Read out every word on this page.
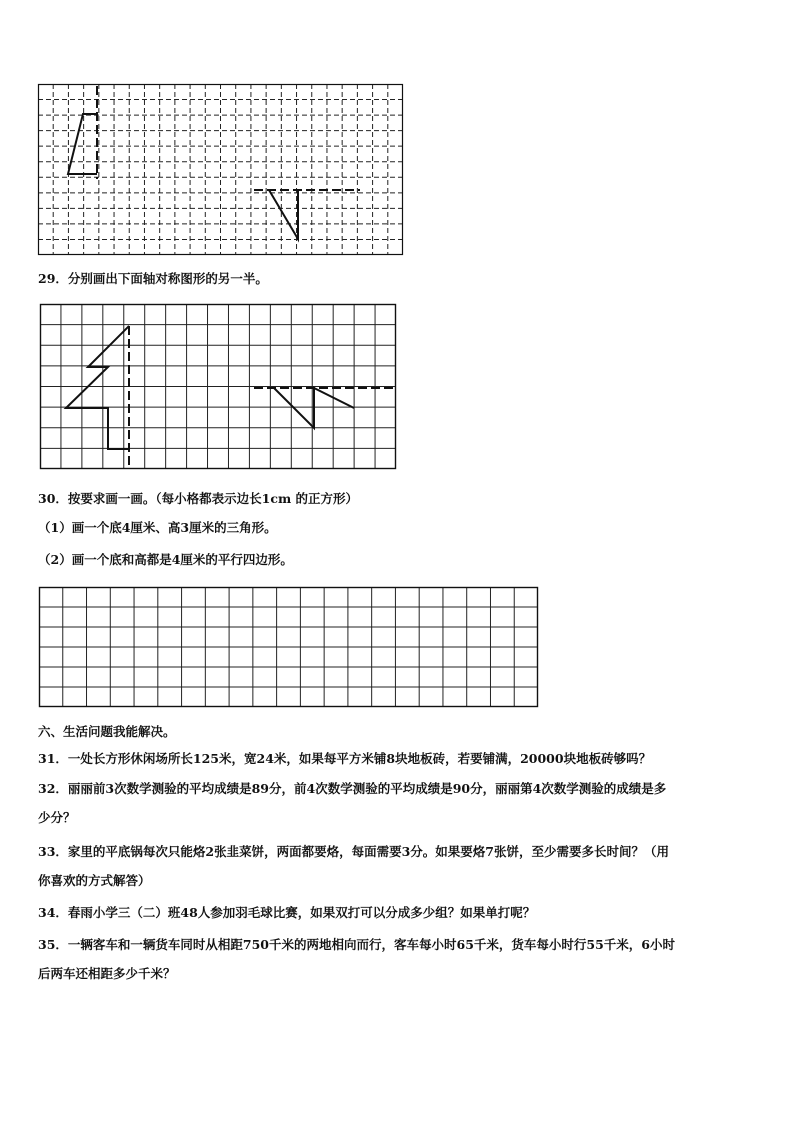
29．分别画出下面轴对称图形的另一半。
30．按要求画一画。（每小格都表示边长1cm 的正方形）
（1）画一个底4厘米、高3厘米的三角形。
（2）画一个底和高都是4厘米的平行四边形。
六、生活问题我能解决。
31．一处长方形休闲场所长125米，宽24米，如果每平方米铺8块地板砖，若要铺满，20000块地板砖够吗？
32．丽丽前3次数学测验的平均成绩是89分，前4次数学测验的平均成绩是90分，丽丽第4次数学测验的成绩是多
少分？
33．家里的平底锅每次只能烙2张韭菜饼，两面都要烙，每面需要3分。如果要烙7张饼，至少需要多长时间？（用
你喜欢的方式解答）
34．春雨小学三（二）班48人参加羽毛球比赛，如果双打可以分成多少组？如果单打呢？
35．一辆客车和一辆货车同时从相距750千米的两地相向而行，客车每小时65千米，货车每小时行55千米，6小时
后两车还相距多少千米？
